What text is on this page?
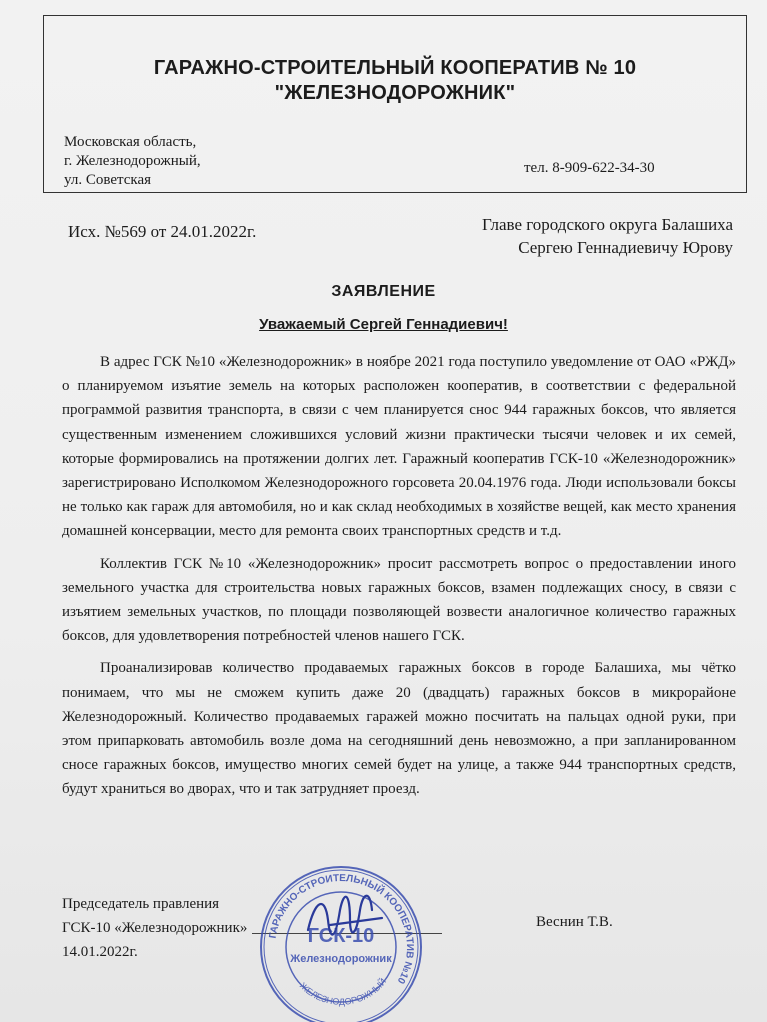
ГАРАЖНО-СТРОИТЕЛЬНЫЙ КООПЕРАТИВ № 10
"ЖЕЛЕЗНОДОРОЖНИК"
Московская область,
г. Железнодорожный,
ул. Советская
тел. 8-909-622-34-30
Исх. №569 от 24.01.2022г.	Главе городского округа Балашиха
Сергею Геннадиевичу Юрову
ЗАЯВЛЕНИЕ
Уважаемый Сергей Геннадиевич!

В адрес ГСК №10 «Железнодорожник» в ноябре 2021 года поступило уведомление от ОАО «РЖД» о планируемом изъятие земель на которых расположен кооператив, в соответствии с федеральной программой развития транспорта, в связи с чем планируется снос 944 гаражных боксов, что является существенным изменением сложившихся условий жизни практически тысячи человек и их семей, которые формировались на протяжении долгих лет. Гаражный кооператив ГСК-10 «Железнодорожник» зарегистрировано Исполкомом Железнодорожного горсовета 20.04.1976 года. Люди использовали боксы не только как гараж для автомобиля, но и как склад необходимых в хозяйстве вещей, как место хранения домашней консервации, место для ремонта своих транспортных средств и т.д.

Коллектив ГСК №10 «Железнодорожник» просит рассмотреть вопрос о предоставлении иного земельного участка для строительства новых гаражных боксов, взамен подлежащих сносу, в связи с изъятием земельных участков, по площади позволяющей возвести аналогичное количество гаражных боксов, для удовлетворения потребностей членов нашего ГСК.

Проанализировав количество продаваемых гаражных боксов в городе Балашиха, мы чётко понимаем, что мы не сможем купить даже 20 (двадцать) гаражных боксов в микрорайоне Железнодорожный. Количество продаваемых гаражей можно посчитать на пальцах одной руки, при этом припарковать автомобиль возле дома на сегодняшний день невозможно, а при запланированном сносе гаражных боксов, имущество многих семей будет на улице, а также 944 транспортных средств, будут храниться во дворах, что и так затрудняет проезд.

Председатель правления
ГСК-10 «Железнодорожник»
14.01.2022г.
Веснин Т.В.
ГАРАЖНО-СТРОИТЕЛЬНЫЙ КООПЕРАТИВ №10
ГСК-10
Железнодорожник
ЖЕЛЕЗНОДОРОЖНЫЙ
